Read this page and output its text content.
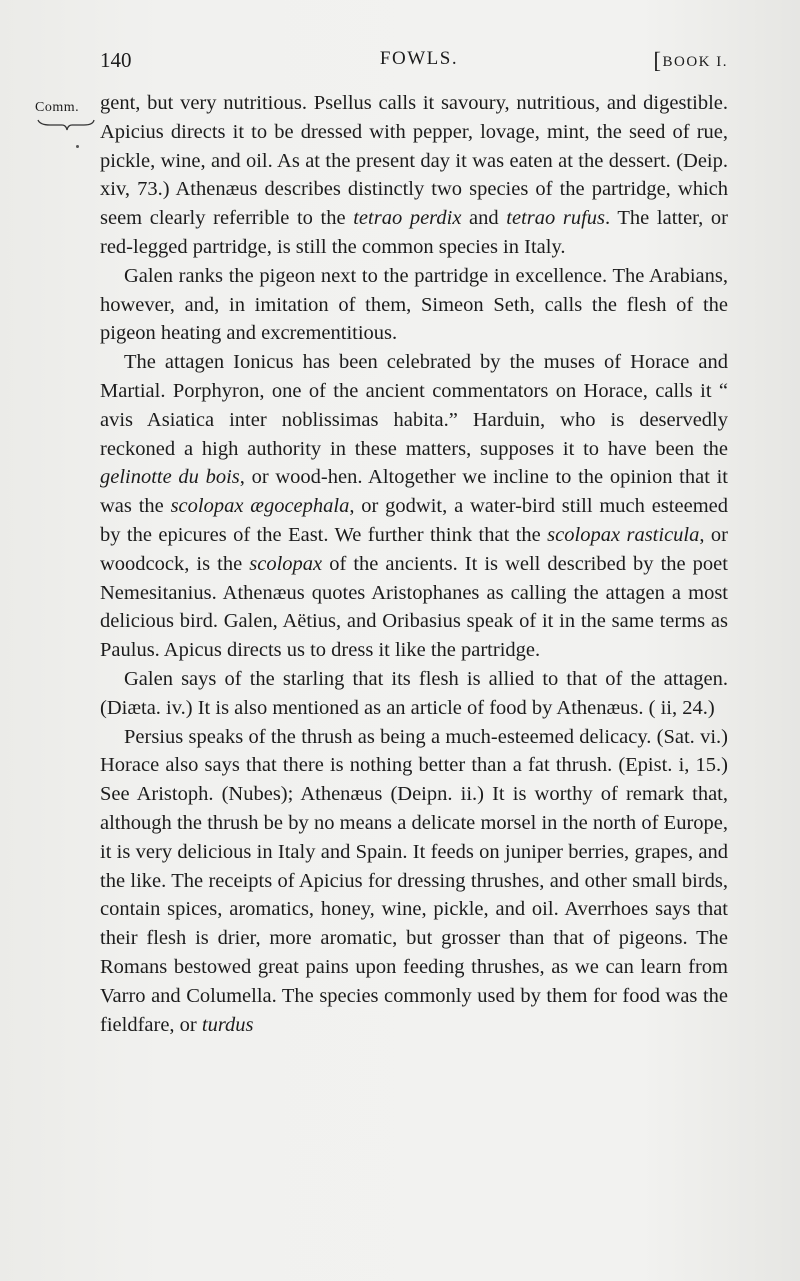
140	FOWLS.	[BOOK I.
Comm. gent, but very nutritious. Psellus calls it savoury, nutritious, and digestible. Apicius directs it to be dressed with pepper, lovage, mint, the seed of rue, pickle, wine, and oil. As at the present day it was eaten at the dessert. (Deip. xiv, 73.) Athenæus describes distinctly two species of the partridge, which seem clearly referrible to the tetrao perdix and tetrao rufus. The latter, or red-legged partridge, is still the common species in Italy.

Galen ranks the pigeon next to the partridge in excellence. The Arabians, however, and, in imitation of them, Simeon Seth, calls the flesh of the pigeon heating and excrementitious.

The attagen Ionicus has been celebrated by the muses of Horace and Martial. Porphyron, one of the ancient commentators on Horace, calls it “ avis Asiatica inter noblissimas habita.” Harduin, who is deservedly reckoned a high authority in these matters, supposes it to have been the gelinotte du bois, or wood-hen. Altogether we incline to the opinion that it was the scolopax ægocephala, or godwit, a water-bird still much esteemed by the epicures of the East. We further think that the scolopax rasticula, or woodcock, is the scolopax of the ancients. It is well described by the poet Nemesitanius. Athenæus quotes Aristophanes as calling the attagen a most delicious bird. Galen, Aëtius, and Oribasius speak of it in the same terms as Paulus. Apicus directs us to dress it like the partridge.

Galen says of the starling that its flesh is allied to that of the attagen. (Diæta. iv.) It is also mentioned as an article of food by Athenæus. ( ii, 24.)

Persius speaks of the thrush as being a much-esteemed delicacy. (Sat. vi.) Horace also says that there is nothing better than a fat thrush. (Epist. i, 15.) See Aristoph. (Nubes); Athenæus (Deipn. ii.) It is worthy of remark that, although the thrush be by no means a delicate morsel in the north of Europe, it is very delicious in Italy and Spain. It feeds on juniper berries, grapes, and the like. The receipts of Apicius for dressing thrushes, and other small birds, contain spices, aromatics, honey, wine, pickle, and oil. Averrhoes says that their flesh is drier, more aromatic, but grosser than that of pigeons. The Romans bestowed great pains upon feeding thrushes, as we can learn from Varro and Columella. The species commonly used by them for food was the fieldfare, or turdus
